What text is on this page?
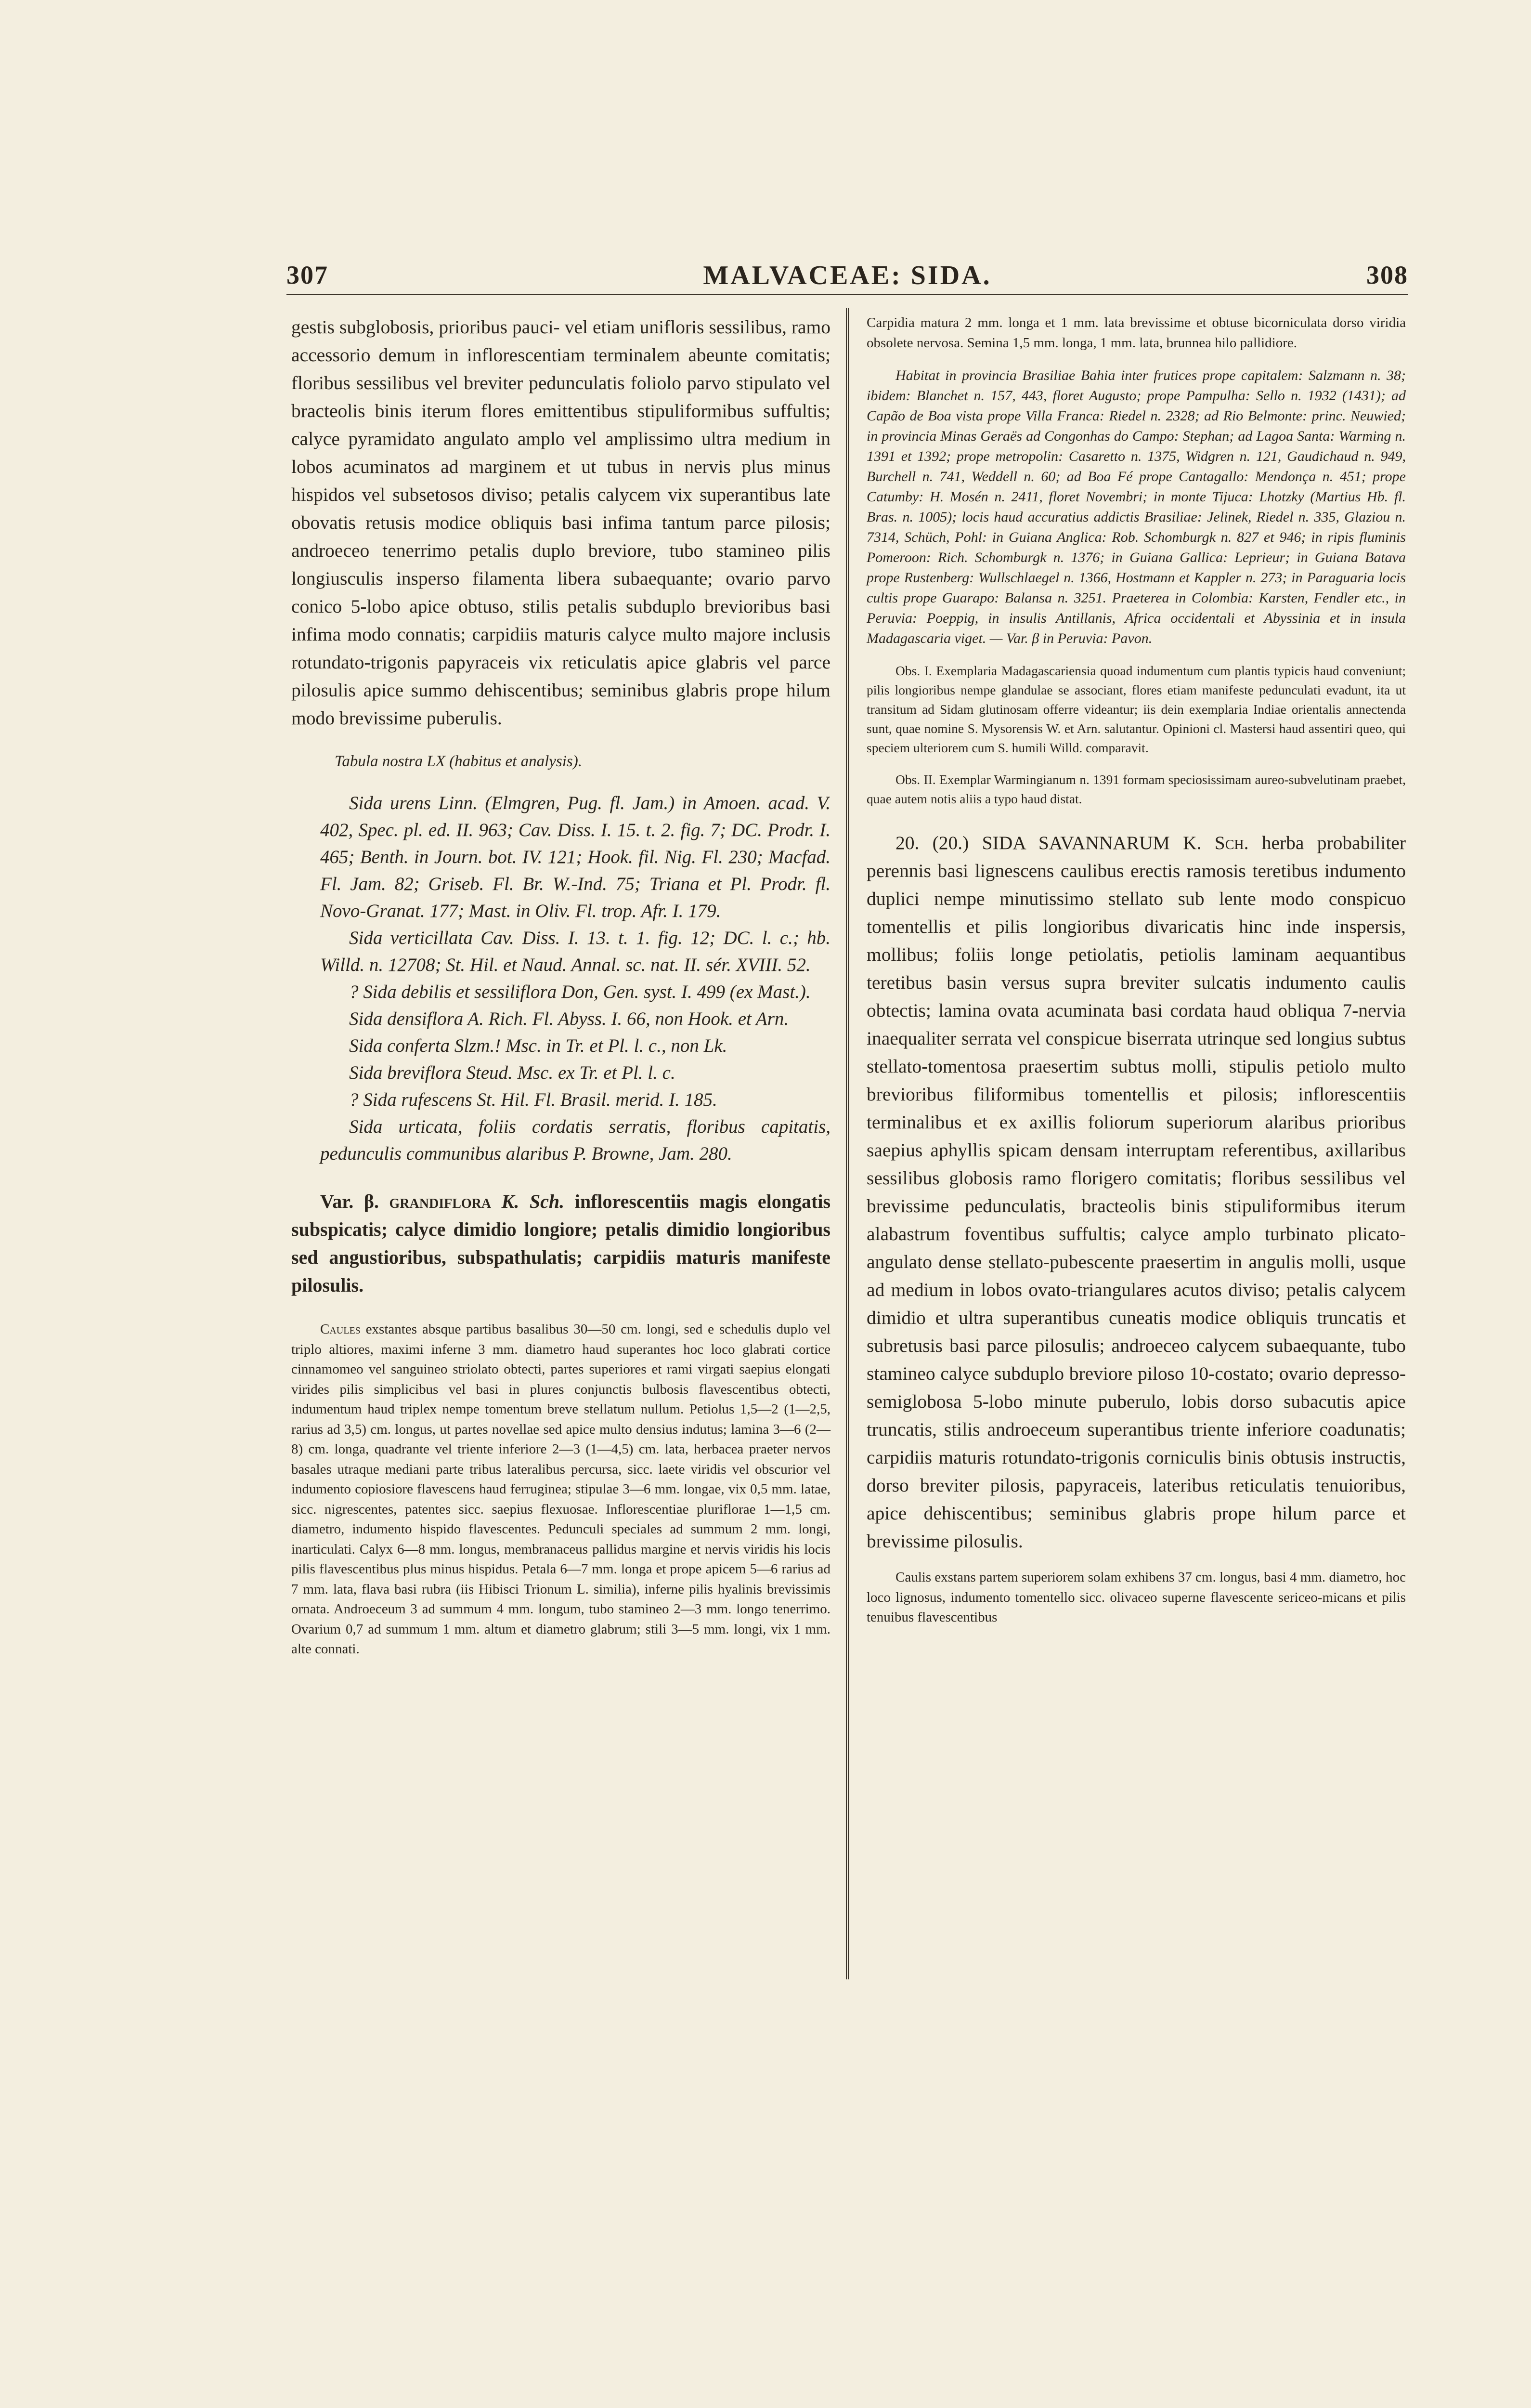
307	MALVACEAE: SIDA.	308

gestis subglobosis, prioribus pauci- vel etiam unifloris sessilibus, ramo accessorio demum in inflorescentiam terminalem abeunte comitatis; floribus sessilibus vel breviter pedunculatis foliolo parvo stipulato vel bracteolis binis iterum flores emittentibus stipuliformibus suffultis; calyce pyramidato angulato amplo vel amplissimo ultra medium in lobos acuminatos ad marginem et ut tubus in nervis plus minus hispidos vel subsetosos diviso; petalis calycem vix superantibus late obovatis retusis modice obliquis basi infima tantum parce pilosis; androeceo tenerrimo petalis duplo breviore, tubo stamineo pilis longiusculis insperso filamenta libera subaequante; ovario parvo conico 5-lobo apice obtuso, stilis petalis subduplo brevioribus basi infima modo connatis; carpidiis maturis calyce multo majore inclusis rotundato-trigonis papyraceis vix reticulatis apice glabris vel parce pilosulis apice summo dehiscentibus; seminibus glabris prope hilum modo brevissime puberulis.

Tabula nostra LX (habitus et analysis).

Sida urens Linn. (Elmgren, Pug. fl. Jam.) in Amoen. acad. V. 402, Spec. pl. ed. II. 963; Cav. Diss. I. 15. t. 2. fig. 7; DC. Prodr. I. 465; Benth. in Journ. bot. IV. 121; Hook. fil. Nig. Fl. 230; Macfad. Fl. Jam. 82; Griseb. Fl. Br. W.-Ind. 75; Triana et Pl. Prodr. fl. Novo-Granat. 177; Mast. in Oliv. Fl. trop. Afr. I. 179.

Sida verticillata Cav. Diss. I. 13. t. 1. fig. 12; DC. l. c.; hb. Willd. n. 12708; St. Hil. et Naud. Annal. sc. nat. II. sér. XVIII. 52.

? Sida debilis et sessiliflora Don, Gen. syst. I. 499 (ex Mast.).

Sida densiflora A. Rich. Fl. Abyss. I. 66, non Hook. et Arn.

Sida conferta Slzm.! Msc. in Tr. et Pl. l. c., non Lk.

Sida breviflora Steud. Msc. ex Tr. et Pl. l. c.

? Sida rufescens St. Hil. Fl. Brasil. merid. I. 185.

Sida urticata, foliis cordatis serratis, floribus capitatis, pedunculis communibus alaribus P. Browne, Jam. 280.

Var. β. grandiflora K. Sch. inflorescentiis magis elongatis subspicatis; calyce dimidio longiore; petalis dimidio longioribus sed angustioribus, subspathulatis; carpidiis maturis manifeste pilosulis.

Caules exstantes absque partibus basalibus 30—50 cm. longi, sed e schedulis duplo vel triplo altiores, maximi inferne 3 mm. diametro haud superantes hoc loco glabrati cortice cinnamomeo vel sanguineo striolato obtecti, partes superiores et rami virgati saepius elongati virides pilis simplicibus vel basi in plures conjunctis bulbosis flavescentibus obtecti, indumentum haud triplex nempe tomentum breve stellatum nullum. Petiolus 1,5—2 (1—2,5, rarius ad 3,5) cm. longus, ut partes novellae sed apice multo densius indutus; lamina 3—6 (2—8) cm. longa, quadrante vel triente inferiore 2—3 (1—4,5) cm. lata, herbacea praeter nervos basales utraque mediani parte tribus lateralibus percursa, sicc. laete viridis vel obscurior vel indumento copiosiore flavescens haud ferruginea; stipulae 3—6 mm. longae, vix 0,5 mm. latae, sicc. nigrescentes, patentes sicc. saepius flexuosae. Inflorescentiae pluriflorae 1—1,5 cm. diametro, indumento hispido flavescentes. Pedunculi speciales ad summum 2 mm. longi, inarticulati. Calyx 6—8 mm. longus, membranaceus pallidus margine et nervis viridis his locis pilis flavescentibus plus minus hispidus. Petala 6—7 mm. longa et prope apicem 5—6 rarius ad 7 mm. lata, flava basi rubra (iis Hibisci Trionum L. similia), inferne pilis hyalinis brevissimis ornata. Androeceum 3 ad summum 4 mm. longum, tubo stamineo 2—3 mm. longo tenerrimo. Ovarium 0,7 ad summum 1 mm. altum et diametro glabrum; stili 3—5 mm. longi, vix 1 mm. alte connati.

Carpidia matura 2 mm. longa et 1 mm. lata brevissime et obtuse bicorniculata dorso viridia obsolete nervosa. Semina 1,5 mm. longa, 1 mm. lata, brunnea hilo pallidiore.

Habitat in provincia Brasiliae Bahia inter frutices prope capitalem: Salzmann n. 38; ibidem: Blanchet n. 157, 443, floret Augusto; prope Pampulha: Sello n. 1932 (1431); ad Capão de Boa vista prope Villa Franca: Riedel n. 2328; ad Rio Belmonte: princ. Neuwied; in provincia Minas Geraës ad Congonhas do Campo: Stephan; ad Lagoa Santa: Warming n. 1391 et 1392; prope metropolin: Casaretto n. 1375, Widgren n. 121, Gaudichaud n. 949, Burchell n. 741, Weddell n. 60; ad Boa Fé prope Cantagallo: Mendonça n. 451; prope Catumby: H. Mosén n. 2411, floret Novembri; in monte Tijuca: Lhotzky (Martius Hb. fl. Bras. n. 1005); locis haud accuratius addictis Brasiliae: Jelinek, Riedel n. 335, Glaziou n. 7314, Schüch, Pohl: in Guiana Anglica: Rob. Schomburgk n. 827 et 946; in ripis fluminis Pomeroon: Rich. Schomburgk n. 1376; in Guiana Gallica: Leprieur; in Guiana Batava prope Rustenberg: Wullschlaegel n. 1366, Hostmann et Kappler n. 273; in Paraguaria locis cultis prope Guarapo: Balansa n. 3251. Praeterea in Colombia: Karsten, Fendler etc., in Peruvia: Poeppig, in insulis Antillanis, Africa occidentali et Abyssinia et in insula Madagascaria viget. — Var. β in Peruvia: Pavon.

Obs. I. Exemplaria Madagascariensia quoad indumentum cum plantis typicis haud conveniunt; pilis longioribus nempe glandulae se associant, flores etiam manifeste pedunculati evadunt, ita ut transitum ad Sidam glutinosam offerre videantur; iis dein exemplaria Indiae orientalis annectenda sunt, quae nomine S. Mysorensis W. et Arn. salutantur. Opinioni cl. Mastersi haud assentiri queo, qui speciem ulteriorem cum S. humili Willd. comparavit.

Obs. II. Exemplar Warmingianum n. 1391 formam speciosissimam aureo-subvelutinam praebet, quae autem notis aliis a typo haud distat.

20. (20.) SIDA SAVANNARUM K. Sch. herba probabiliter perennis basi lignescens caulibus erectis ramosis teretibus indumento duplici nempe minutissimo stellato sub lente modo conspicuo tomentellis et pilis longioribus divaricatis hinc inde inspersis, mollibus; foliis longe petiolatis, petiolis laminam aequantibus teretibus basin versus supra breviter sulcatis indumento caulis obtectis; lamina ovata acuminata basi cordata haud obliqua 7-nervia inaequaliter serrata vel conspicue biserrata utrinque sed longius subtus stellato-tomentosa praesertim subtus molli, stipulis petiolo multo brevioribus filiformibus tomentellis et pilosis; inflorescentiis terminalibus et ex axillis foliorum superiorum alaribus prioribus saepius aphyllis spicam densam interruptam referentibus, axillaribus sessilibus globosis ramo florigero comitatis; floribus sessilibus vel brevissime pedunculatis, bracteolis binis stipuliformibus iterum alabastrum foventibus suffultis; calyce amplo turbinato plicato-angulato dense stellato-pubescente praesertim in angulis molli, usque ad medium in lobos ovato-triangulares acutos diviso; petalis calycem dimidio et ultra superantibus cuneatis modice obliquis truncatis et subretusis basi parce pilosulis; androeceo calycem subaequante, tubo stamineo calyce subduplo breviore piloso 10-costato; ovario depresso-semiglobosa 5-lobo minute puberulo, lobis dorso subacutis apice truncatis, stilis androeceum superantibus triente inferiore coadunatis; carpidiis maturis rotundato-trigonis corniculis binis obtusis instructis, dorso breviter pilosis, papyraceis, lateribus reticulatis tenuioribus, apice dehiscentibus; seminibus glabris prope hilum parce et brevissime pilosulis.

Caulis exstans partem superiorem solam exhibens 37 cm. longus, basi 4 mm. diametro, hoc loco lignosus, indumento tomentello sicc. olivaceo superne flavescente sericeo-micans et pilis tenuibus flavescentibus
